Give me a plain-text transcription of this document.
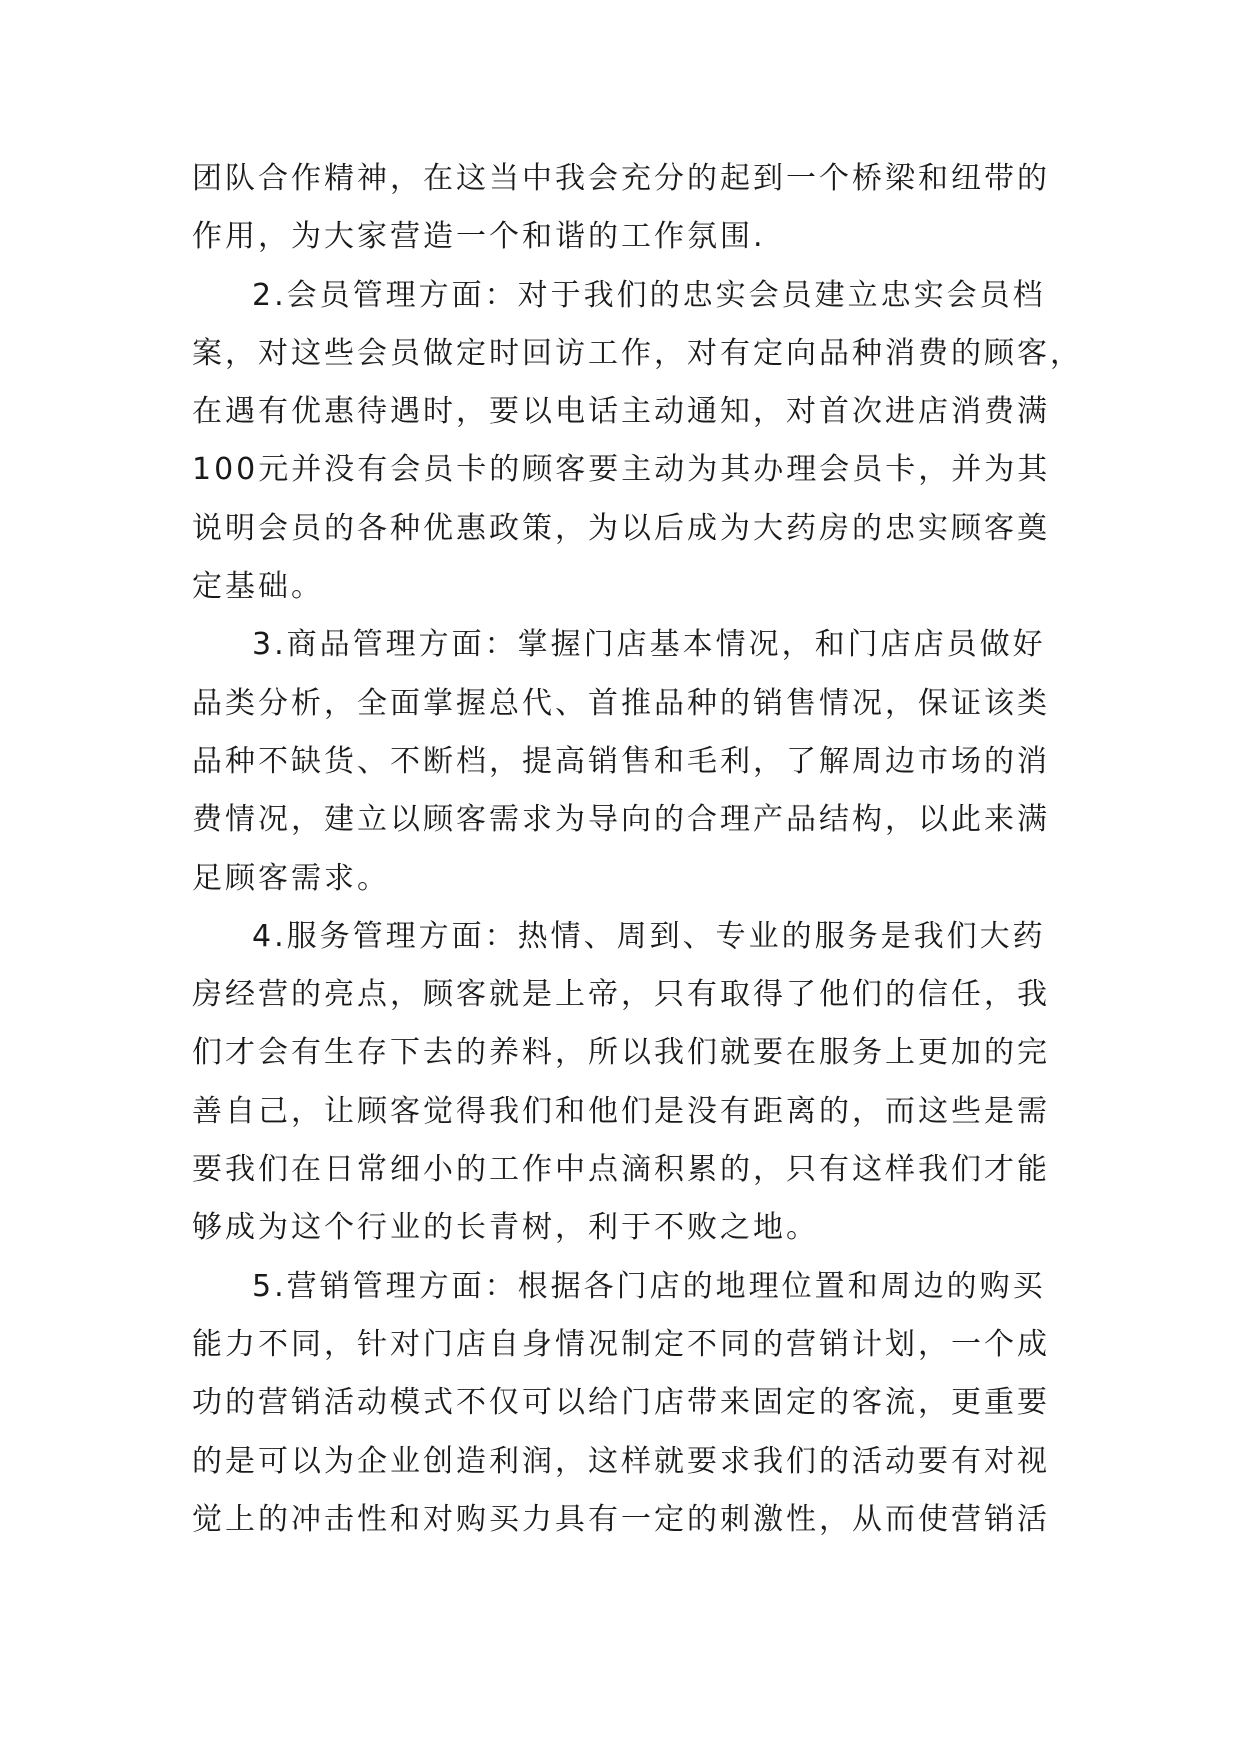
团队合作精神，在这当中我会充分的起到一个桥梁和纽带的
作用，为大家营造一个和谐的工作氛围.
2.会员管理方面：对于我们的忠实会员建立忠实会员档
案，对这些会员做定时回访工作，对有定向品种消费的顾客，
在遇有优惠待遇时，要以电话主动通知，对首次进店消费满
100元并没有会员卡的顾客要主动为其办理会员卡，并为其
说明会员的各种优惠政策，为以后成为大药房的忠实顾客奠
定基础。
3.商品管理方面：掌握门店基本情况，和门店店员做好
品类分析，全面掌握总代、首推品种的销售情况，保证该类
品种不缺货、不断档，提高销售和毛利，了解周边市场的消
费情况，建立以顾客需求为导向的合理产品结构，以此来满
足顾客需求。
4.服务管理方面：热情、周到、专业的服务是我们大药
房经营的亮点，顾客就是上帝，只有取得了他们的信任，我
们才会有生存下去的养料，所以我们就要在服务上更加的完
善自己，让顾客觉得我们和他们是没有距离的，而这些是需
要我们在日常细小的工作中点滴积累的，只有这样我们才能
够成为这个行业的长青树，利于不败之地。
5.营销管理方面：根据各门店的地理位置和周边的购买
能力不同，针对门店自身情况制定不同的营销计划，一个成
功的营销活动模式不仅可以给门店带来固定的客流，更重要
的是可以为企业创造利润，这样就要求我们的活动要有对视
觉上的冲击性和对购买力具有一定的刺激性，从而使营销活
